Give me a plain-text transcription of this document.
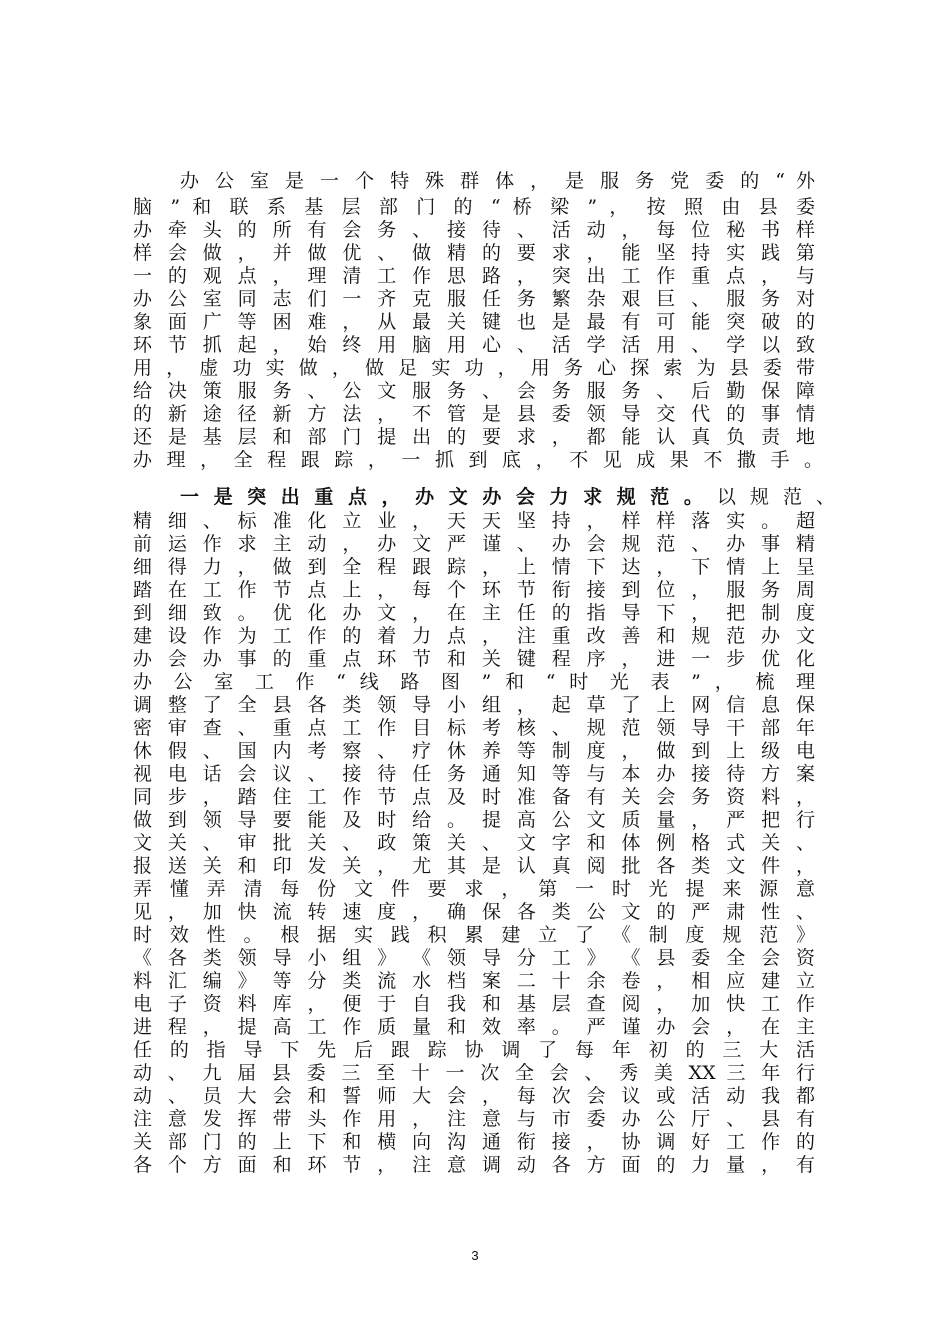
办 公 室 是 一 个 特 殊 群 体 ， 是 服 务 党 委 的 “ 外
脑 ” 和 联 系 基 层 部 门 的 “ 桥 梁 ” ， 按 照 由 县 委
办 牵 头 的 所 有 会 务 、 接 待 、 活 动 ， 每 位 秘 书 样
样 会 做 ， 并 做 优 、 做 精 的 要 求 ， 能 坚 持 实 践 第
一 的 观 点 ， 理 清 工 作 思 路 ， 突 出 工 作 重 点 ， 与
办 公 室 同 志 们 一 齐 克 服 任 务 繁 杂 艰 巨 、 服 务 对
象 面 广 等 困 难 ， 从 最 关 键 也 是 最 有 可 能 突 破 的
环 节 抓 起 ， 始 终 用 脑 用 心 、 活 学 活 用 、 学 以 致
用 ， 虚 功 实 做 ， 做 足 实 功 ， 用 务 心 探 索 为 县 委 带
给 决 策 服 务 、 公 文 服 务 、 会 务 服 务 、 后 勤 保 障
的 新 途 径 新 方 法 ， 不 管 是 县 委 领 导 交 代 的 事 情
还 是 基 层 和 部 门 提 出 的 要 求 ， 都 能 认 真 负 责 地
办 理 ， 全 程 跟 踪 ， 一 抓 到 底 ， 不 见 成 果 不 撒 手 。
一 是 突 出 重 点 ， 办 文 办 会 力 求 规 范 。 以 规 范 、
精 细 、 标 准 化 立 业 ， 天 天 坚 持 ， 样 样 落 实 。 超
前 运 作 求 主 动 ， 办 文 严 谨 、 办 会 规 范 、 办 事 精
细 得 力 ， 做 到 全 程 跟 踪 ， 上 情 下 达 ， 下 情 上 呈
踏 在 工 作 节 点 上 ， 每 个 环 节 衔 接 到 位 ， 服 务 周
到 细 致 。 优 化 办 文 ， 在 主 任 的 指 导 下 ， 把 制 度
建 设 作 为 工 作 的 着 力 点 ， 注 重 改 善 和 规 范 办 文
办 会 办 事 的 重 点 环 节 和 关 键 程 序 ， 进 一 步 优 化
办 公 室 工 作 “ 线 路 图 ” 和 “ 时 光 表 ” ， 梳 理
调 整 了 全 县 各 类 领 导 小 组 ， 起 草 了 上 网 信 息 保
密 审 查 、 重 点 工 作 目 标 考 核 、 规 范 领 导 干 部 年
休 假 、 国 内 考 察 、 疗 休 养 等 制 度 ， 做 到 上 级 电
视 电 话 会 议 、 接 待 任 务 通 知 等 与 本 办 接 待 方 案
同 步 ， 踏 住 工 作 节 点 及 时 准 备 有 关 会 务 资 料 ，
做 到 领 导 要 能 及 时 给 。 提 高 公 文 质 量 ， 严 把 行
文 关 、 审 批 关 、 政 策 关 、 文 字 和 体 例 格 式 关 、
报 送 关 和 印 发 关 ， 尤 其 是 认 真 阅 批 各 类 文 件 ，
弄 懂 弄 清 每 份 文 件 要 求 ， 第 一 时 光 提 来 源 意
见 ， 加 快 流 转 速 度 ， 确 保 各 类 公 文 的 严 肃 性 、
时 效 性 。 根 据 实 践 积 累 建 立 了 《 制 度 规 范 》
《 各 类 领 导 小 组 》 《 领 导 分 工 》 《 县 委 全 会 资
料 汇 编 》 等 分 类 流 水 档 案 二 十 余 卷 ， 相 应 建 立
电 子 资 料 库 ， 便 于 自 我 和 基 层 查 阅 ， 加 快 工 作
进 程 ， 提 高 工 作 质 量 和 效 率 。 严 谨 办 会 ， 在 主
任 的 指 导 下 先 后 跟 踪 协 调 了 每 年 初 的 三 大 活
动 、 九 届 县 委 三 至 十 一 次 全 会 、 秀 美 XX 三 年 行
动 、 员 大 会 和 誓 师 大 会 ， 每 次 会 议 或 活 动 我 都
注 意 发 挥 带 头 作 用 ， 注 意 与 市 委 办 公 厅 、 县 有
关 部 门 的 上 下 和 横 向 沟 通 衔 接 ， 协 调 好 工 作 的
各 个 方 面 和 环 节 ， 注 意 调 动 各 方 面 的 力 量 ， 有
3
